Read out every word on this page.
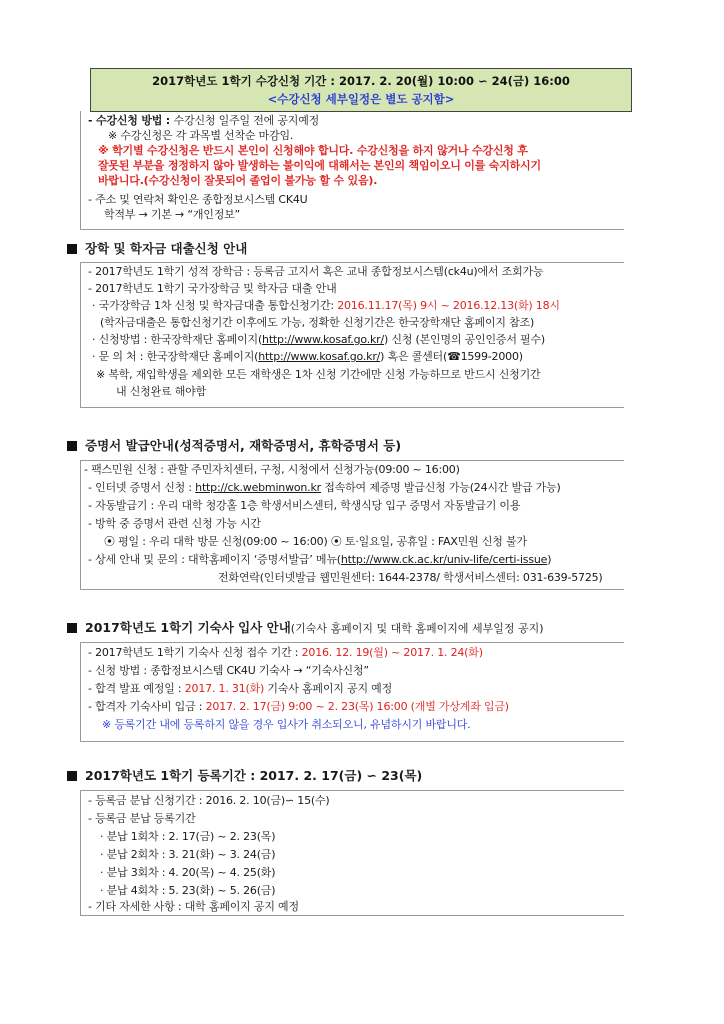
2017학년도 1학기 수강신청 기간 : 2017. 2. 20(월) 10:00 ∽ 24(금) 16:00
<수강신청 세부일정은 별도 공지함>
- 수강신청 방법 : 수강신청 일주일 전에 공지예정
※ 수강신청은 각 과목별 선착순 마감임.
※ 학기별 수강신청은 반드시 본인이 신청해야 합니다. 수강신청을 하지 않거나 수강신청 후
잘못된 부분을 정정하지 않아 발생하는 불이익에 대해서는 본인의 책임이오니 이를 숙지하시기
바랍니다.(수강신청이 잘못되어 졸업이 불가능 할 수 있음).
- 주소 및 연락처 확인은 종합정보시스템 CK4U
학적부 → 기본 → “개인정보”
장학 및 학자금 대출신청 안내
- 2017학년도 1학기 성적 장학금 : 등록금 고지서 혹은 교내 종합정보시스템(ck4u)에서 조회가능
- 2017학년도 1학기 국가장학금 및 학자금 대출 안내
· 국가장학금 1차 신청 및 학자금대출 통합신청기간: 2016.11.17(목) 9시 ~ 2016.12.13(화) 18시
(학자금대출은 통합신청기간 이후에도 가능, 정확한 신청기간은 한국장학재단 홈페이지 참조)
· 신청방법 : 한국장학재단 홈페이지(http://www.kosaf.go.kr/) 신청 (본인명의 공인인증서 필수)
· 문 의 처 : 한국장학재단 홈페이지(http://www.kosaf.go.kr/) 혹은 콜센터(☎1599-2000)
※ 복학, 재입학생을 제외한 모든 재학생은 1차 신청 기간에만 신청 가능하므로 반드시 신청기간
내 신청완료 해야함
증명서 발급안내(성적증명서, 재학증명서, 휴학증명서 등)
- 팩스민원 신청 : 관할 주민자치센터, 구청, 시청에서 신청가능(09:00 ~ 16:00)
- 인터넷 증명서 신청 : http://ck.webminwon.kr 접속하여 제증명 발급신청 가능(24시간 발급 가능)
- 자동발급기 : 우리 대학 청강홀 1층 학생서비스센터, 학생식당 입구 증명서 자동발급기 이용
- 방학 중 증명서 관련 신청 가능 시간
⦿ 평일 : 우리 대학 방문 신청(09:00 ~ 16:00) ⦿ 토·일요일, 공휴일 : FAX민원 신청 불가
- 상세 안내 및 문의 : 대학홈페이지 ‘증명서발급’ 메뉴(http://www.ck.ac.kr/univ-life/certi-issue)
전화연락(인터넷발급 웹민원센터: 1644-2378/ 학생서비스센터: 031-639-5725)
2017학년도 1학기 기숙사 입사 안내(기숙사 홈페이지 및 대학 홈페이지에 세부일정 공지)
- 2017학년도 1학기 기숙사 신청 접수 기간 : 2016. 12. 19(월) ~ 2017. 1. 24(화)
- 신청 방법 : 종합정보시스템 CK4U 기숙사 → “기숙사신청”
- 합격 발표 예정일 : 2017. 1. 31(화) 기숙사 홈페이지 공지 예정
- 합격자 기숙사비 입금 : 2017. 2. 17(금) 9:00 ~ 2. 23(목) 16:00 (개별 가상계좌 입금)
※ 등록기간 내에 등록하지 않을 경우 입사가 취소되오니, 유념하시기 바랍니다.
2017학년도 1학기 등록기간 : 2017. 2. 17(금) ∽ 23(목)
- 등록금 분납 신청기간 : 2016. 2. 10(금)∽ 15(수)
- 등록금 분납 등록기간
· 분납 1회차 : 2. 17(금) ~ 2. 23(목)
· 분납 2회차 : 3. 21(화) ~ 3. 24(금)
· 분납 3회차 : 4. 20(목) ~ 4. 25(화)
· 분납 4회차 : 5. 23(화) ~ 5. 26(금)
- 기타 자세한 사항 : 대학 홈페이지 공지 예정
